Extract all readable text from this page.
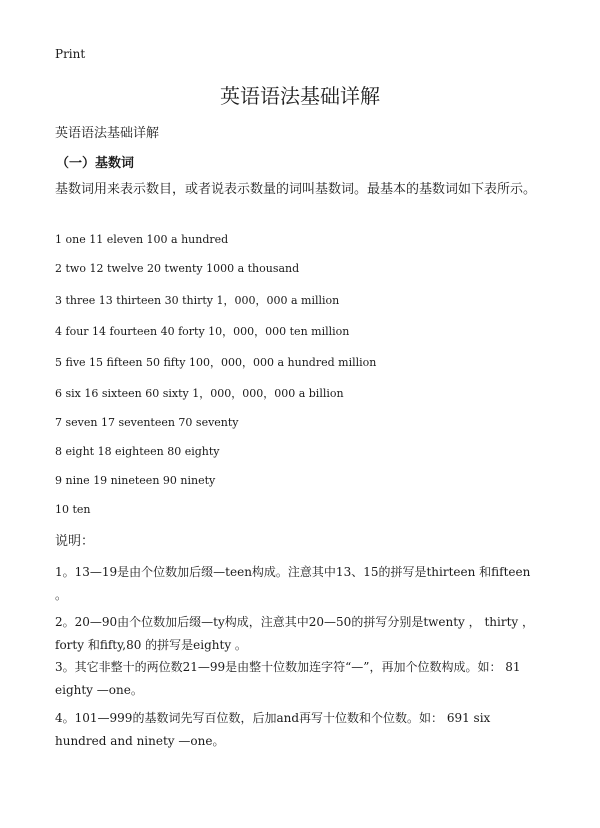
Print
英语语法基础详解
英语语法基础详解
（一）基数词

基数词用来表示数目，或者说表示数量的词叫基数词。最基本的基数词如下表所示。

1 one 11 eleven 100 a hundred
2 two 12 twelve 20 twenty 1000 a thousand
3 three 13 thirteen 30 thirty 1，000，000 a million
4 four 14 fourteen 40 forty 10，000，000 ten million
5 five 15 fifteen 50 fifty 100，000，000 a hundred million
6 six 16 sixteen 60 sixty 1，000，000，000 a billion
7 seven 17 seventeen 70 seventy
8 eight 18 eighteen 80 eighty
9 nine 19 nineteen 90 ninety
10 ten
说明：

1。13—19是由个位数加后缀—teen构成。注意其中13、15的拼写是thirteen 和fifteen 。

2。20—90由个位数加后缀—ty构成，注意其中20—50的拼写分别是twenty ， thirty ， forty 和fifty,80 的拼写是eighty 。

3。其它非整十的两位数21—99是由整十位数加连字符“—”，再加个位数构成。如： 81 eighty —one。

4。101—999的基数词先写百位数，后加and再写十位数和个位数。如： 691 six hundred and ninety —one。
